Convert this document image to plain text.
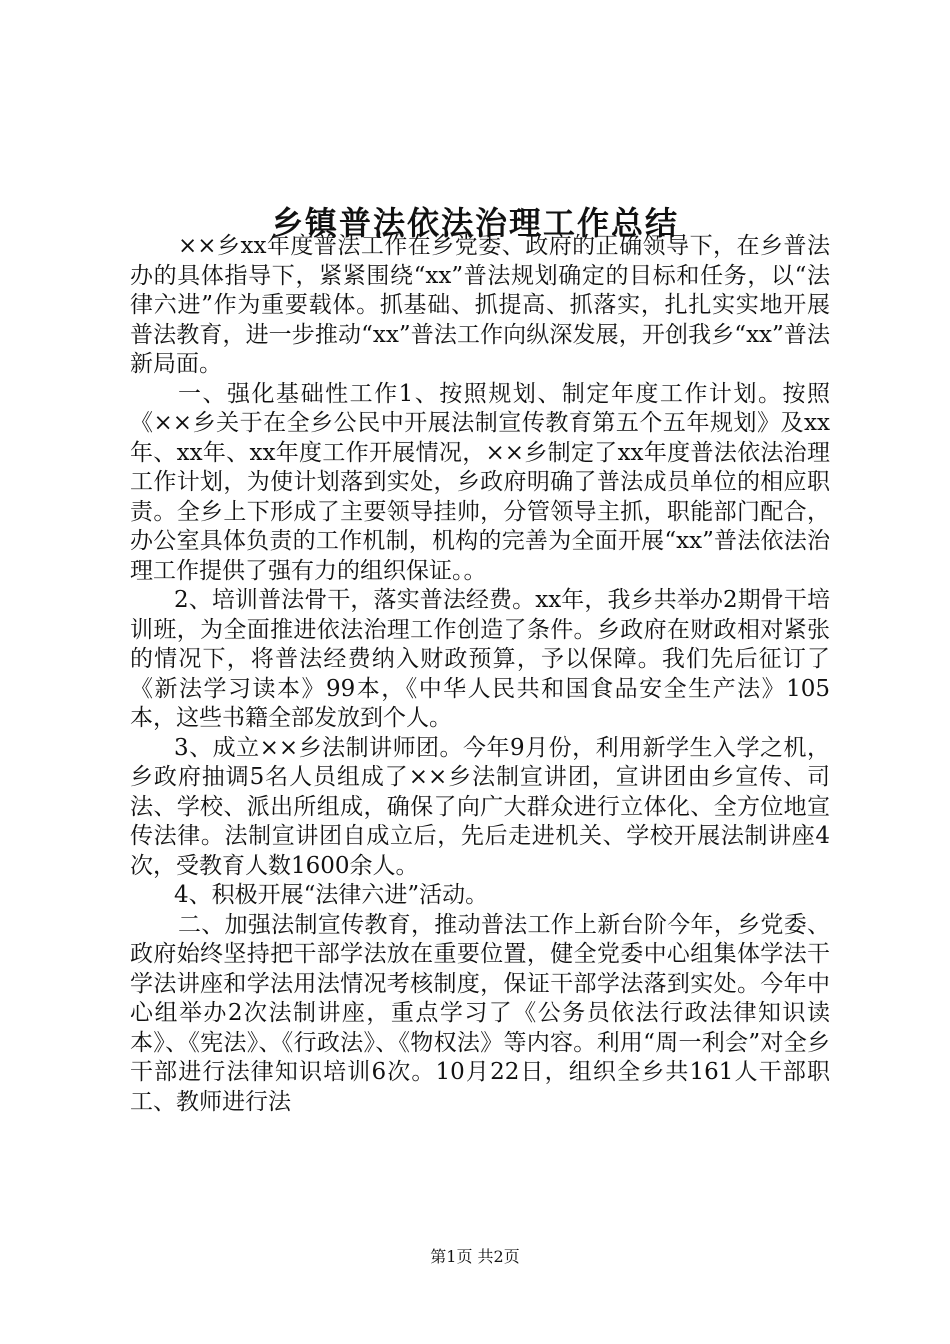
乡镇普法依法治理工作总结

××乡xx年度普法工作在乡党委、政府的正确领导下，在乡普法办的具体指导下，紧紧围绕“xx”普法规划确定的目标和任务，以“法律六进”作为重要载体。抓基础、抓提高、抓落实，扎扎实实地开展普法教育，进一步推动“xx”普法工作向纵深发展，开创我乡“xx”普法新局面。

一、强化基础性工作1、按照规划、制定年度工作计划。按照《××乡关于在全乡公民中开展法制宣传教育第五个五年规划》及xx年、xx年、xx年度工作开展情况，××乡制定了xx年度普法依法治理工作计划，为使计划落到实处，乡政府明确了普法成员单位的相应职责。全乡上下形成了主要领导挂帅，分管领导主抓，职能部门配合，办公室具体负责的工作机制，机构的完善为全面开展“xx”普法依法治理工作提供了强有力的组织保证。。

2、培训普法骨干，落实普法经费。xx年，我乡共举办2期骨干培训班，为全面推进依法治理工作创造了条件。乡政府在财政相对紧张的情况下，将普法经费纳入财政预算，予以保障。我们先后征订了《新法学习读本》99本，《中华人民共和国食品安全生产法》105本，这些书籍全部发放到个人。

3、成立××乡法制讲师团。今年9月份，利用新学生入学之机，乡政府抽调5名人员组成了××乡法制宣讲团，宣讲团由乡宣传、司法、学校、派出所组成，确保了向广大群众进行立体化、全方位地宣传法律。法制宣讲团自成立后，先后走进机关、学校开展法制讲座4次，受教育人数1600余人。

4、积极开展“法律六进”活动。

二、加强法制宣传教育，推动普法工作上新台阶今年，乡党委、政府始终坚持把干部学法放在重要位置，健全党委中心组集体学法干学法讲座和学法用法情况考核制度，保证干部学法落到实处。今年中心组举办2次法制讲座，重点学习了《公务员依法行政法律知识读本》、《宪法》、《行政法》、《物权法》等内容。利用“周一利会”对全乡干部进行法律知识培训6次。10月22日，组织全乡共161人干部职工、教师进行法

第1页 共2页
